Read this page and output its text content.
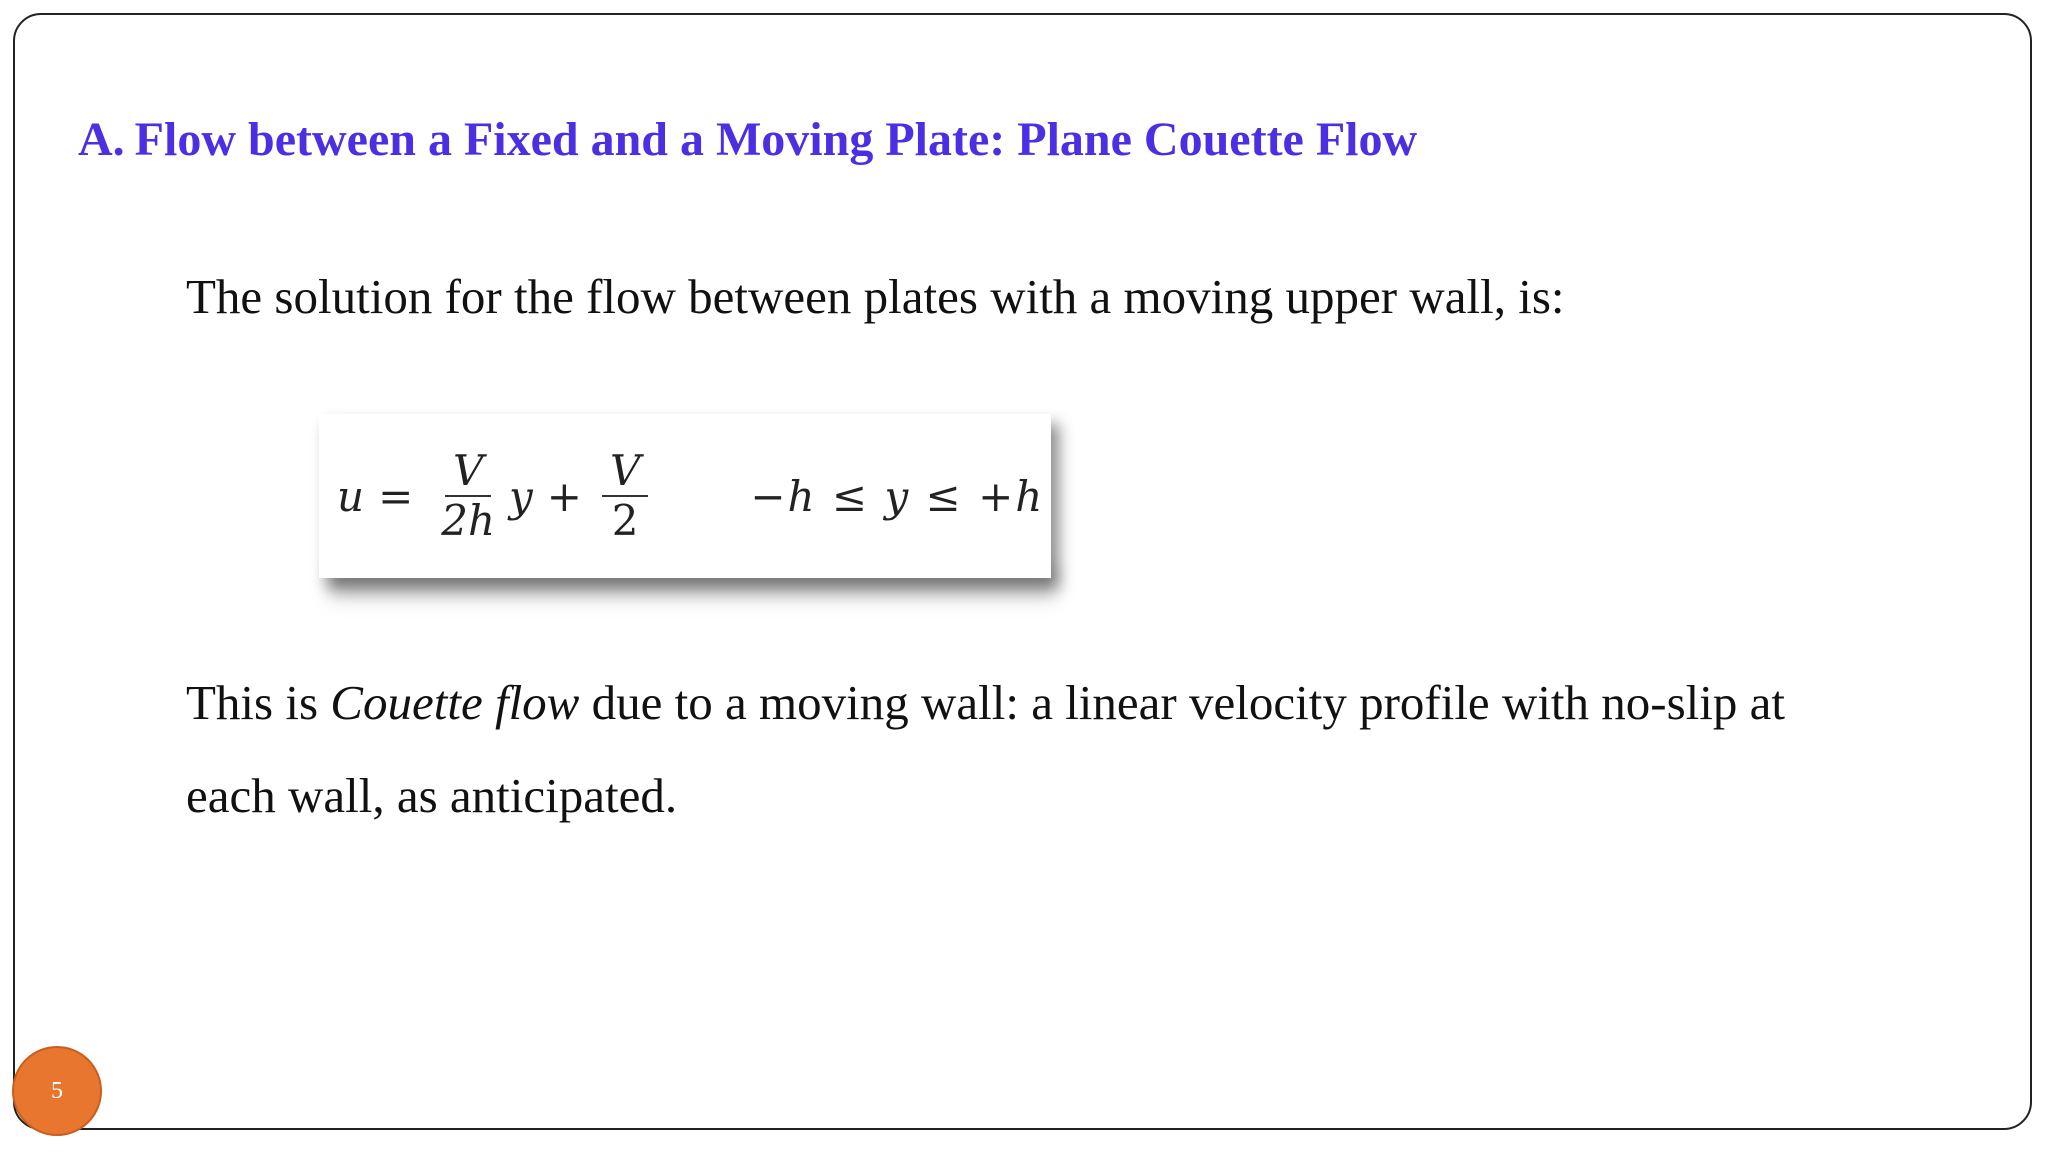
A. Flow between a Fixed and a Moving Plate: Plane Couette Flow

The solution for the flow between plates with a moving upper wall, is:

$u = \frac{V}{2h}$ $y + \frac{V}{2} -h \le y \le +h$

This is Couette flow due to a moving wall: a linear velocity profile with no-slip at

each wall, as anticipated.

5
